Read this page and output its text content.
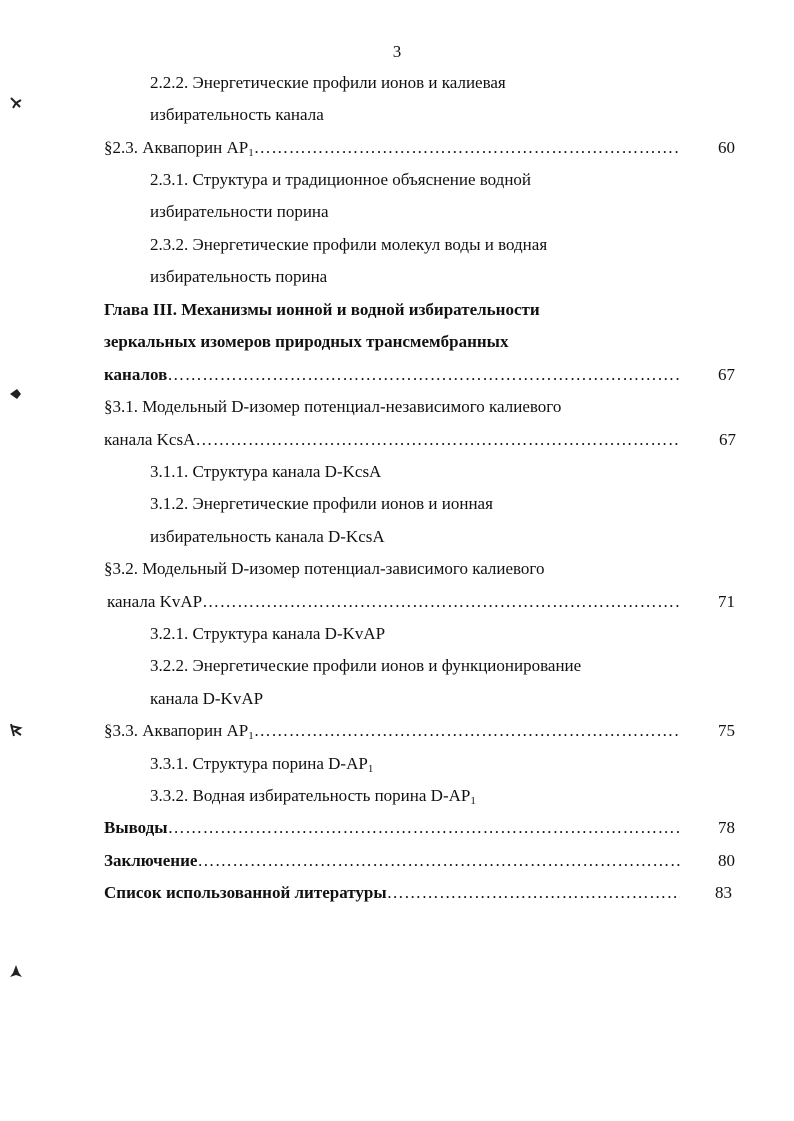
3
2.2.2. Энергетические профили ионов и калиевая
избирательность канала
§2.3. Аквапорин $AP_1$ ……………………………………………………………………………………………………………………………………………………………………	60
2.3.1. Структура и традиционное объяснение водной
избирательности порина
2.3.2. Энергетические профили молекул воды и водная
избирательность порина
Глава III. Механизмы ионной и водной избирательности
зеркальных изомеров природных трансмембранных
каналов ……………………………………………………………………………………………………………………………………………………………………	67
§3.1. Модельный D-изомер потенциал-независимого калиевого
канала KcsA ……………………………………………………………………………………………………………………………………………………………………	67
3.1.1. Структура канала D-KcsA
3.1.2. Энергетические профили ионов и ионная
избирательность канала D-KcsA
§3.2. Модельный D-изомер потенциал-зависимого калиевого
канала KvAP ……………………………………………………………………………………………………………………………………………………………………	71
3.2.1. Структура канала D-KvAP
3.2.2. Энергетические профили ионов и функционирование
канала D-KvAP
§3.3. Аквапорин $AP_1$ ……………………………………………………………………………………………………………………………………………………………………	75
3.3.1. Структура порина $D-AP_1$
3.3.2. Водная избирательность порина $D-AP_1$
Выводы ……………………………………………………………………………………………………………………………………………………………………	78
Заключение ……………………………………………………………………………………………………………………………………………………………………	80
Список использованной литературы ……………………………………………………………………………………………………………………………………………………………………	83
